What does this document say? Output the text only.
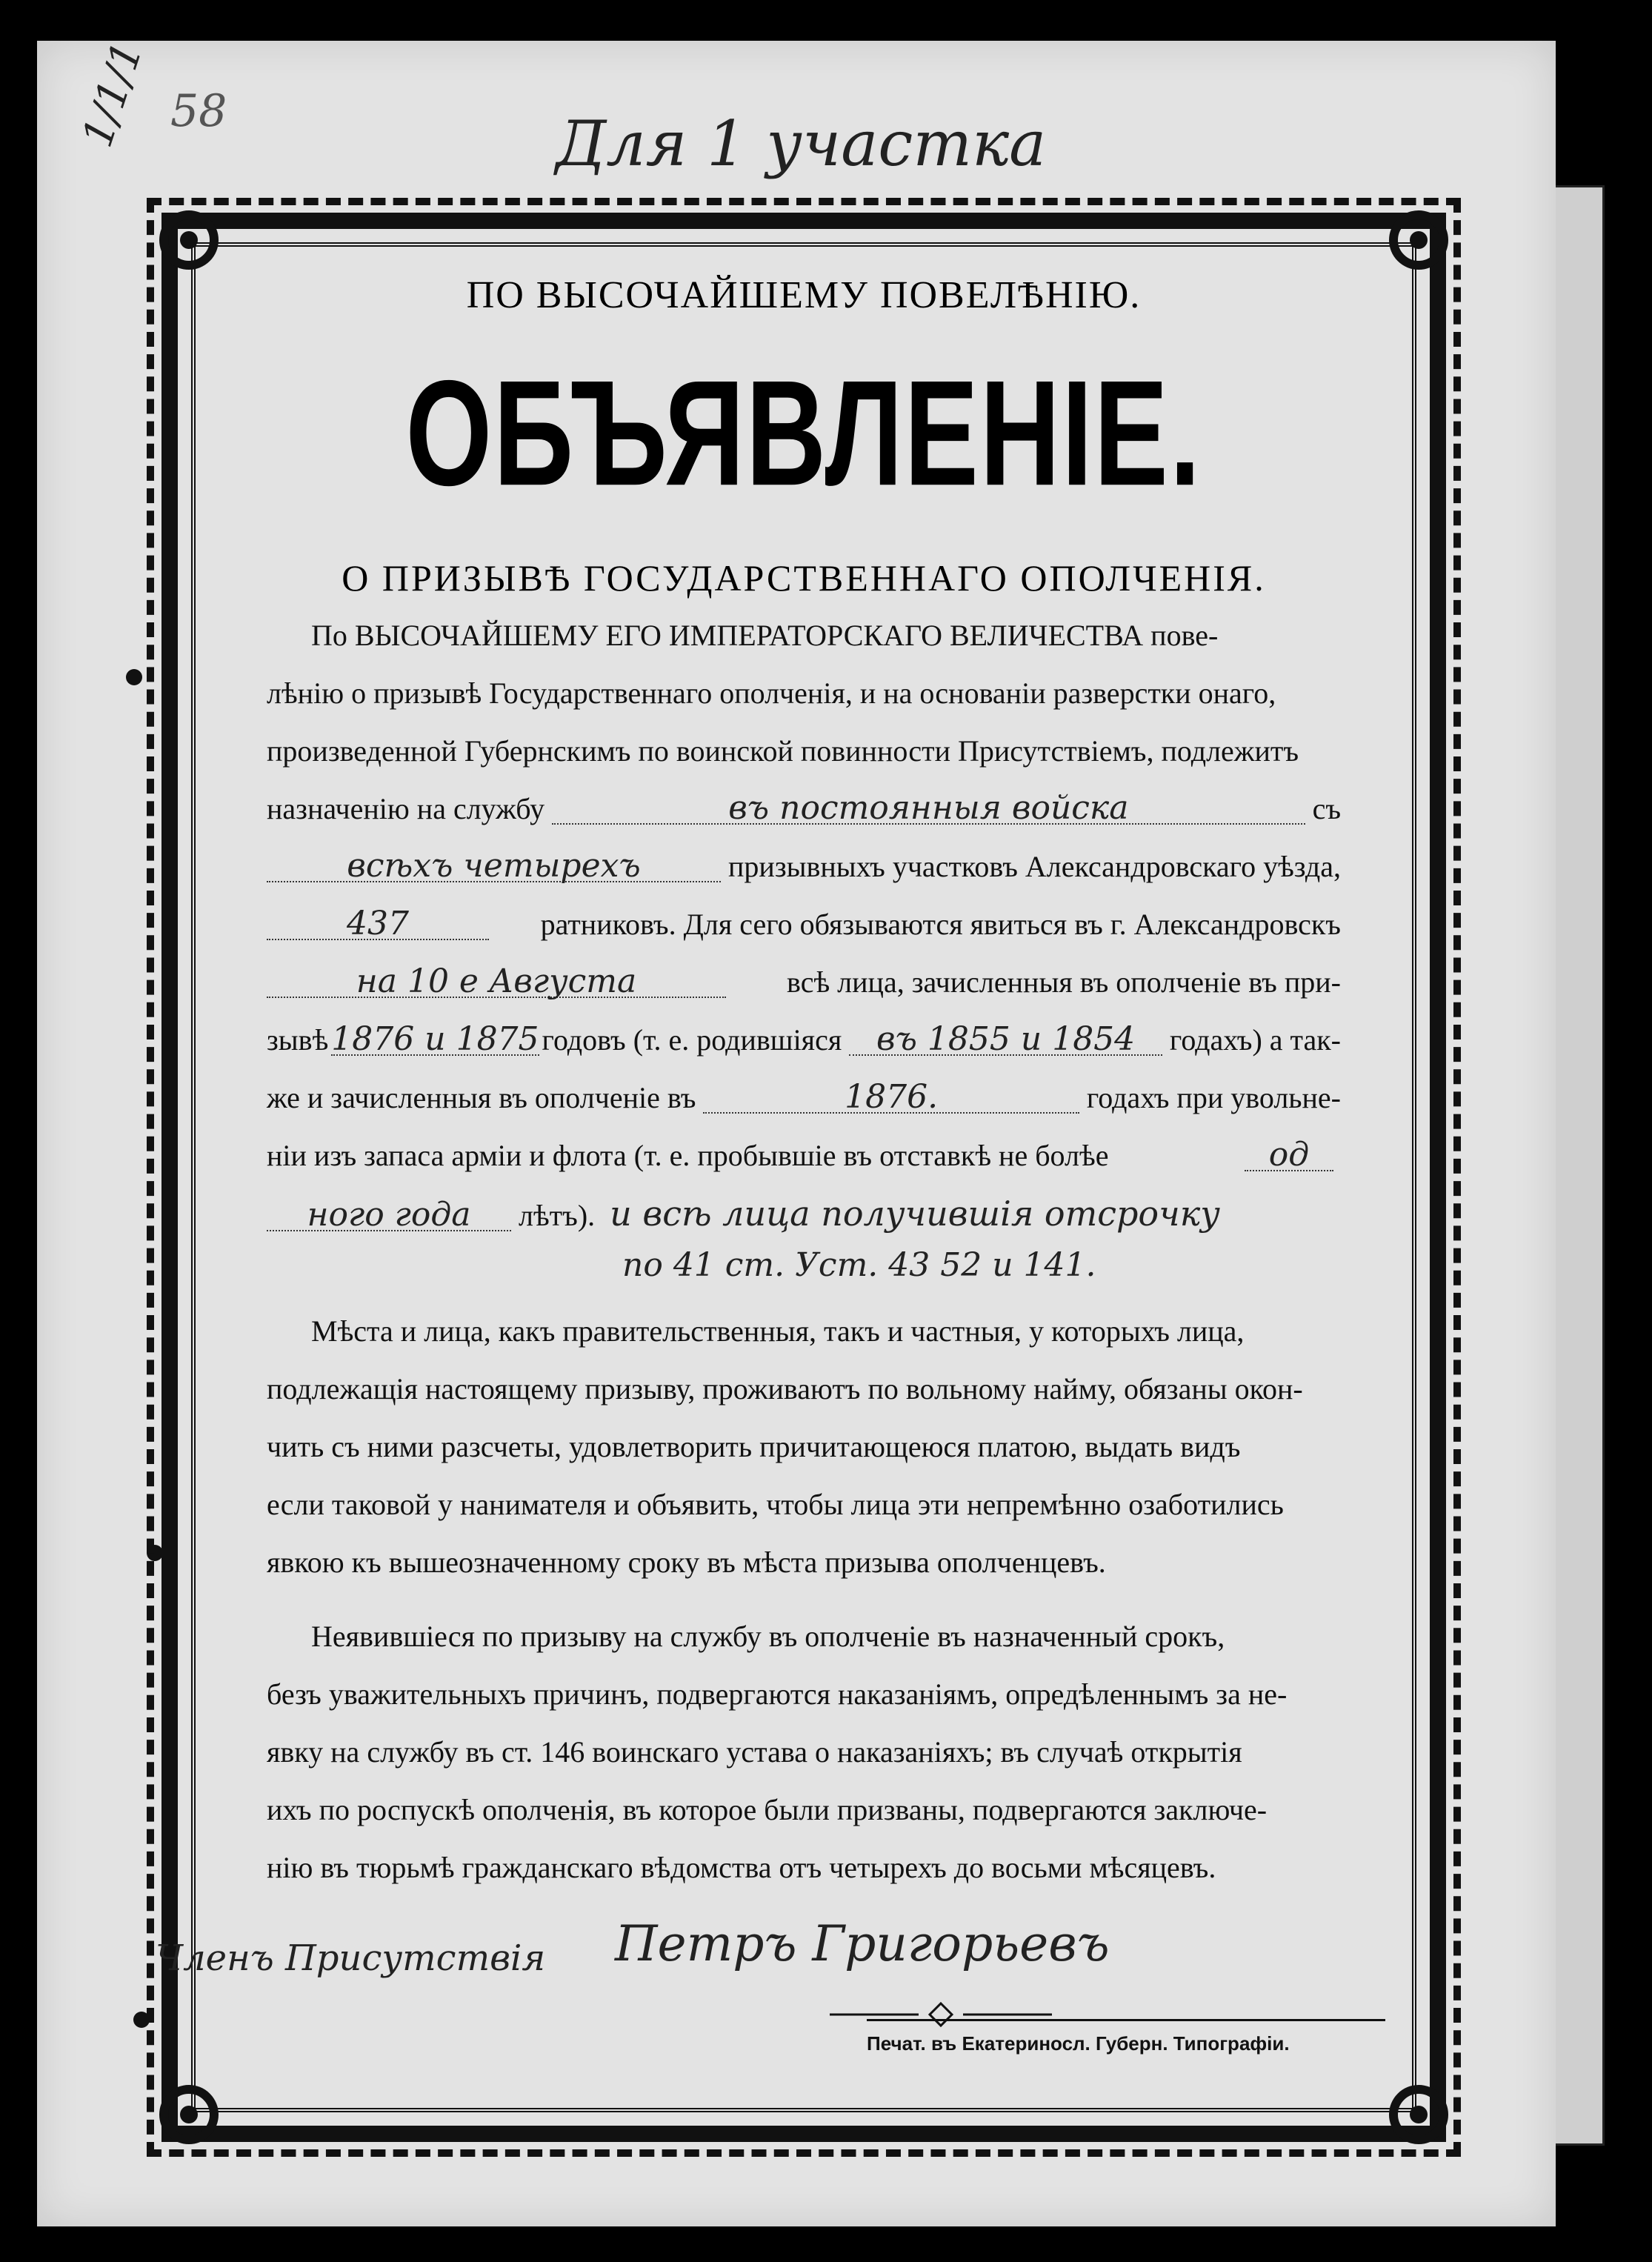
1/1/1 58	Для 1 участка

ПО ВЫСОЧАЙШЕМУ ПОВЕЛѢНІЮ.

ОБЪЯВЛЕНІЕ.

О ПРИЗЫВѢ ГОСУДАРСТВЕННАГО ОПОЛЧЕНІЯ.

По ВЫСОЧАЙШЕМУ ЕГО ИМПЕРАТОРСКАГО ВЕЛИЧЕСТВА пове-
лѣнію о призывѣ Государственнаго ополченія, и на основаніи разверстки онаго,
произведенной Губернскимъ по воинской повинности Присутствіемъ, подлежитъ
назначенію на службу	въ постоянныя войска	съ
всѣхъ четырехъ	призывныхъ участковъ Александровскаго уѣзда,
437	ратниковъ. Для сего обязываются явиться въ г. Александровскъ
на 10 е Августа	всѣ лица, зачисленныя въ ополченіе въ при-
зывѣ 1876 и 1875 годовъ (т. е. родившіяся	въ 1855 и 1854	годахъ) а так-
же и зачисленныя въ ополченіе въ	1876.	годахъ при увольне-
ніи изъ запаса арміи и флота (т. е. пробывшіе въ отставкѣ не болѣе	од
ного года	лѣтъ). и всѣ лица получившія отсрочку
по 41 ст. Уст. 43 52 и 141.
Мѣста и лица, какъ правительственныя, такъ и частныя, у которыхъ лица,
подлежащія настоящему призыву, проживаютъ по вольному найму, обязаны окон-
чить съ ними разсчеты, удовлетворить причитающеюся платою, выдать видъ
если таковой у нанимателя и объявить, чтобы лица эти непремѣнно озаботились
явкою къ вышеозначенному сроку въ мѣста призыва ополченцевъ.
Неявившіеся по призыву на службу въ ополченіе въ назначенный срокъ,
безъ уважительныхъ причинъ, подвергаются наказаніямъ, опредѣленнымъ за не-
явку на службу въ ст. 146 воинскаго устава о наказаніяхъ; въ случаѣ открытія
ихъ по роспускѣ ополченія, въ которое были призваны, подвергаются заключе-
нію въ тюрьмѣ гражданскаго вѣдомства отъ четырехъ до восьми мѣсяцевъ.
Членъ Присутствія Петръ Григорьевъ
Печат. въ Екатериносл. Губерн. Типографіи.
